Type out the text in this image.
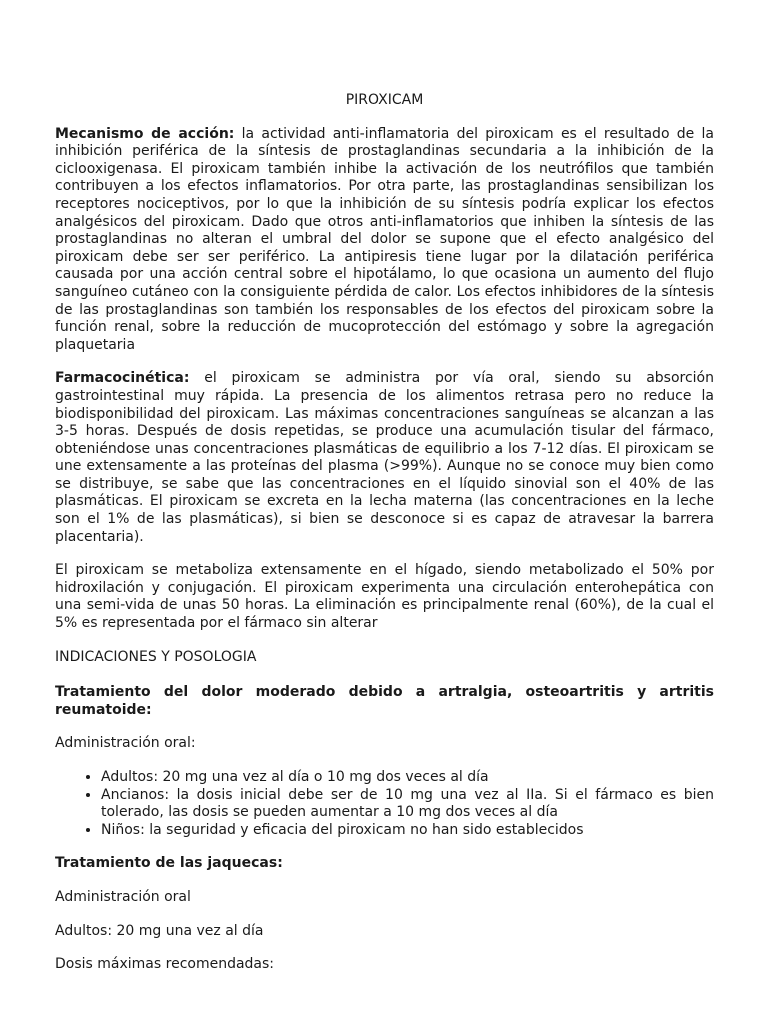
PIROXICAM

Mecanismo de acción: la actividad anti-inflamatoria del piroxicam es el resultado de la inhibición periférica de la síntesis de prostaglandinas secundaria a la inhibición de la ciclooxigenasa. El piroxicam también inhibe la activación de los neutrófilos que también contribuyen a los efectos inflamatorios. Por otra parte, las prostaglandinas sensibilizan los receptores nociceptivos, por lo que la inhibición de su síntesis podría explicar los efectos analgésicos del piroxicam. Dado que otros anti-inflamatorios que inhiben la síntesis de las prostaglandinas no alteran el umbral del dolor se supone que el efecto analgésico del piroxicam debe ser ser periférico. La antipiresis tiene lugar por la dilatación periférica causada por una acción central sobre el hipotálamo, lo que ocasiona un aumento del flujo sanguíneo cutáneo con la consiguiente pérdida de calor. Los efectos inhibidores de la síntesis de las prostaglandinas son también los responsables de los efectos del piroxicam sobre la función renal, sobre la reducción de mucoprotección del estómago y sobre la agregación plaquetaria

Farmacocinética: el piroxicam se administra por vía oral, siendo su absorción gastrointestinal muy rápida. La presencia de los alimentos retrasa pero no reduce la biodisponibilidad del piroxicam. Las máximas concentraciones sanguíneas se alcanzan a las 3-5 horas. Después de dosis repetidas, se produce una acumulación tisular del fármaco, obteniéndose unas concentraciones plasmáticas de equilibrio a los 7-12 días. El piroxicam se une extensamente a las proteínas del plasma (>99%). Aunque no se conoce muy bien como se distribuye, se sabe que las concentraciones en el líquido sinovial son el 40% de las plasmáticas. El piroxicam se excreta en la lecha materna (las concentraciones en la leche son el 1% de las plasmáticas), si bien se desconoce si es capaz de atravesar la barrera placentaria).

El piroxicam se metaboliza extensamente en el hígado, siendo metabolizado el 50% por hidroxilación y conjugación. El piroxicam experimenta una circulación enterohepática con una semi-vida de unas 50 horas. La eliminación es principalmente renal (60%), de la cual el 5% es representada por el fármaco sin alterar

INDICACIONES Y POSOLOGIA

Tratamiento del dolor moderado debido a artralgia, osteoartritis y artritis reumatoide:

Administración oral:

• Adultos: 20 mg una vez al día o 10 mg dos veces al día
• Ancianos: la dosis inicial debe ser de 10 mg una vez al IIa. Si el fármaco es bien tolerado, las dosis se pueden aumentar a 10 mg dos veces al día
• Niños: la seguridad y eficacia del piroxicam no han sido establecidos

Tratamiento de las jaquecas:

Administración oral

Adultos: 20 mg una vez al día

Dosis máximas recomendadas:
